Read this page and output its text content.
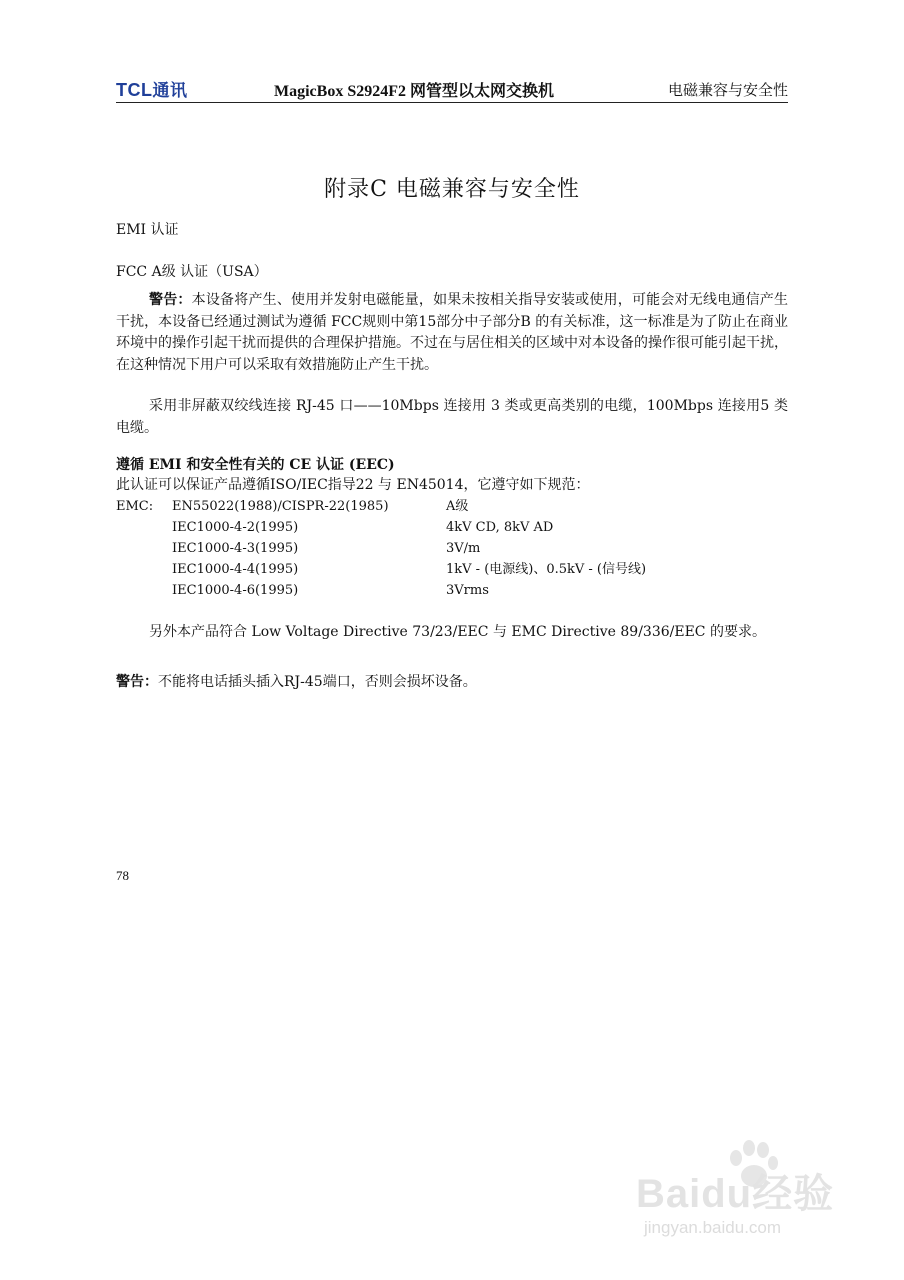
TCL通讯	MagicBox S2924F2 网管型以太网交换机	电磁兼容与安全性
附录C 电磁兼容与安全性
EMI 认证
FCC A级 认证（USA）
警告：本设备将产生、使用并发射电磁能量，如果未按相关指导安装或使用，可能会对无线电通信产生干扰，本设备已经通过测试为遵循 FCC规则中第15部分中子部分B 的有关标准，这一标准是为了防止在商业环境中的操作引起干扰而提供的合理保护措施。不过在与居住相关的区域中对本设备的操作很可能引起干扰，在这种情况下用户可以采取有效措施防止产生干扰。
采用非屏蔽双绞线连接 RJ-45 口——10Mbps 连接用 3 类或更高类别的电缆，100Mbps 连接用5 类电缆。
遵循 EMI 和安全性有关的 CE 认证 (EEC)
此认证可以保证产品遵循ISO/IEC指导22 与 EN45014，它遵守如下规范：
EMC: EN55022(1988)/CISPR-22(1985)	A级
IEC1000-4-2(1995)	4kV CD, 8kV AD
IEC1000-4-3(1995)	3V/m
IEC1000-4-4(1995)	1kV - (电源线)、0.5kV - (信号线)
IEC1000-4-6(1995)	3Vrms
另外本产品符合 Low Voltage Directive 73/23/EEC 与 EMC Directive 89/336/EEC 的要求。
警告：不能将电话插头插入RJ-45端口，否则会损坏设备。
78
Baidu经验
jingyan.baidu.com
